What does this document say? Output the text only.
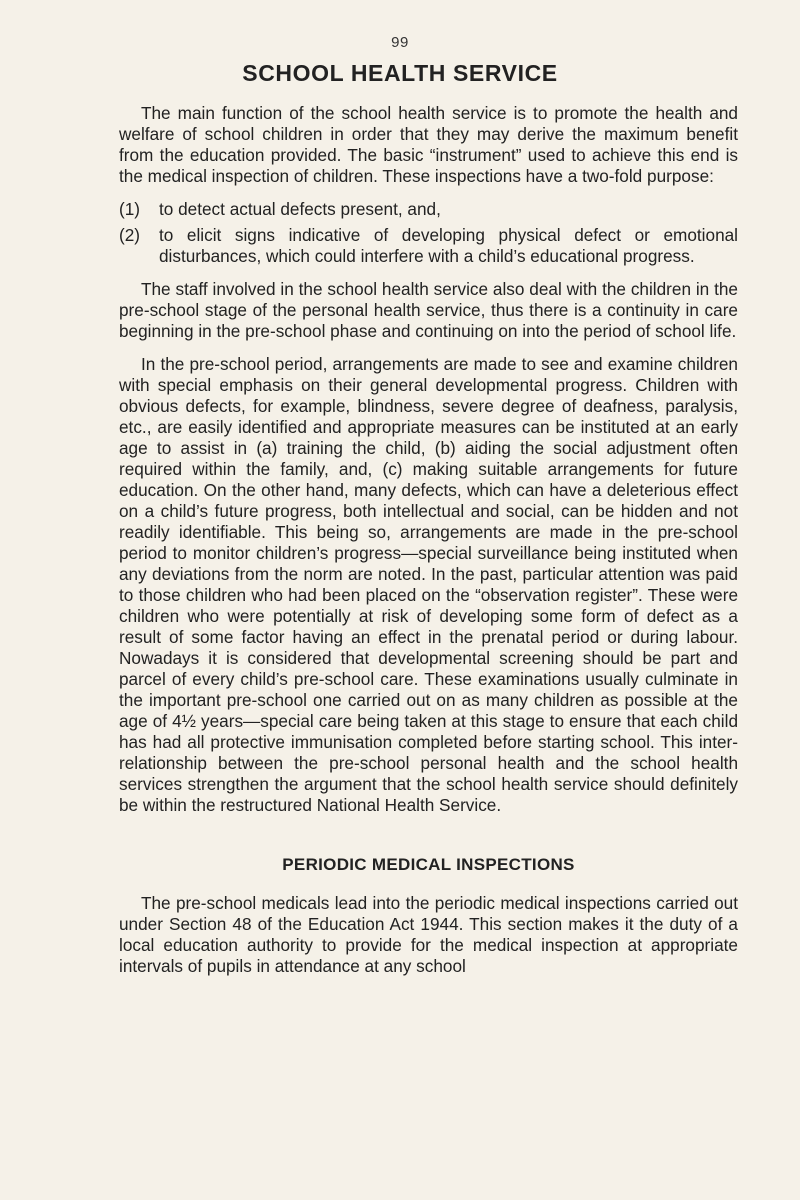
99
SCHOOL HEALTH SERVICE

The main function of the school health service is to promote the health and welfare of school children in order that they may derive the maximum benefit from the education provided. The basic “instrument” used to achieve this end is the medical inspection of children. These inspections have a two-fold purpose:

(1)	to detect actual defects present, and,
(2)	to elicit signs indicative of developing physical defect or emotional disturbances, which could interfere with a child’s educational progress.

The staff involved in the school health service also deal with the children in the pre-school stage of the personal health service, thus there is a continuity in care beginning in the pre-school phase and continuing on into the period of school life.

In the pre-school period, arrangements are made to see and examine children with special emphasis on their general developmental progress. Children with obvious defects, for example, blindness, severe degree of deafness, paralysis, etc., are easily identified and appropriate measures can be instituted at an early age to assist in (a) training the child, (b) aiding the social adjustment often required within the family, and, (c) making suitable arrangements for future education. On the other hand, many defects, which can have a deleterious effect on a child’s future progress, both intellectual and social, can be hidden and not readily identifiable. This being so, arrangements are made in the pre-school period to monitor children’s progress—special surveillance being instituted when any deviations from the norm are noted. In the past, particular attention was paid to those children who had been placed on the “observation register”. These were children who were potentially at risk of developing some form of defect as a result of some factor having an effect in the prenatal period or during labour. Nowadays it is considered that developmental screening should be part and parcel of every child’s pre-school care. These examinations usually culminate in the important pre-school one carried out on as many children as possible at the age of 4½ years—special care being taken at this stage to ensure that each child has had all protective immunisation completed before starting school. This inter-relationship between the pre-school personal health and the school health services strengthen the argument that the school health service should definitely be within the restructured National Health Service.

PERIODIC MEDICAL INSPECTIONS

The pre-school medicals lead into the periodic medical inspections carried out under Section 48 of the Education Act 1944. This section makes it the duty of a local education authority to provide for the medical inspection at appropriate intervals of pupils in attendance at any school
